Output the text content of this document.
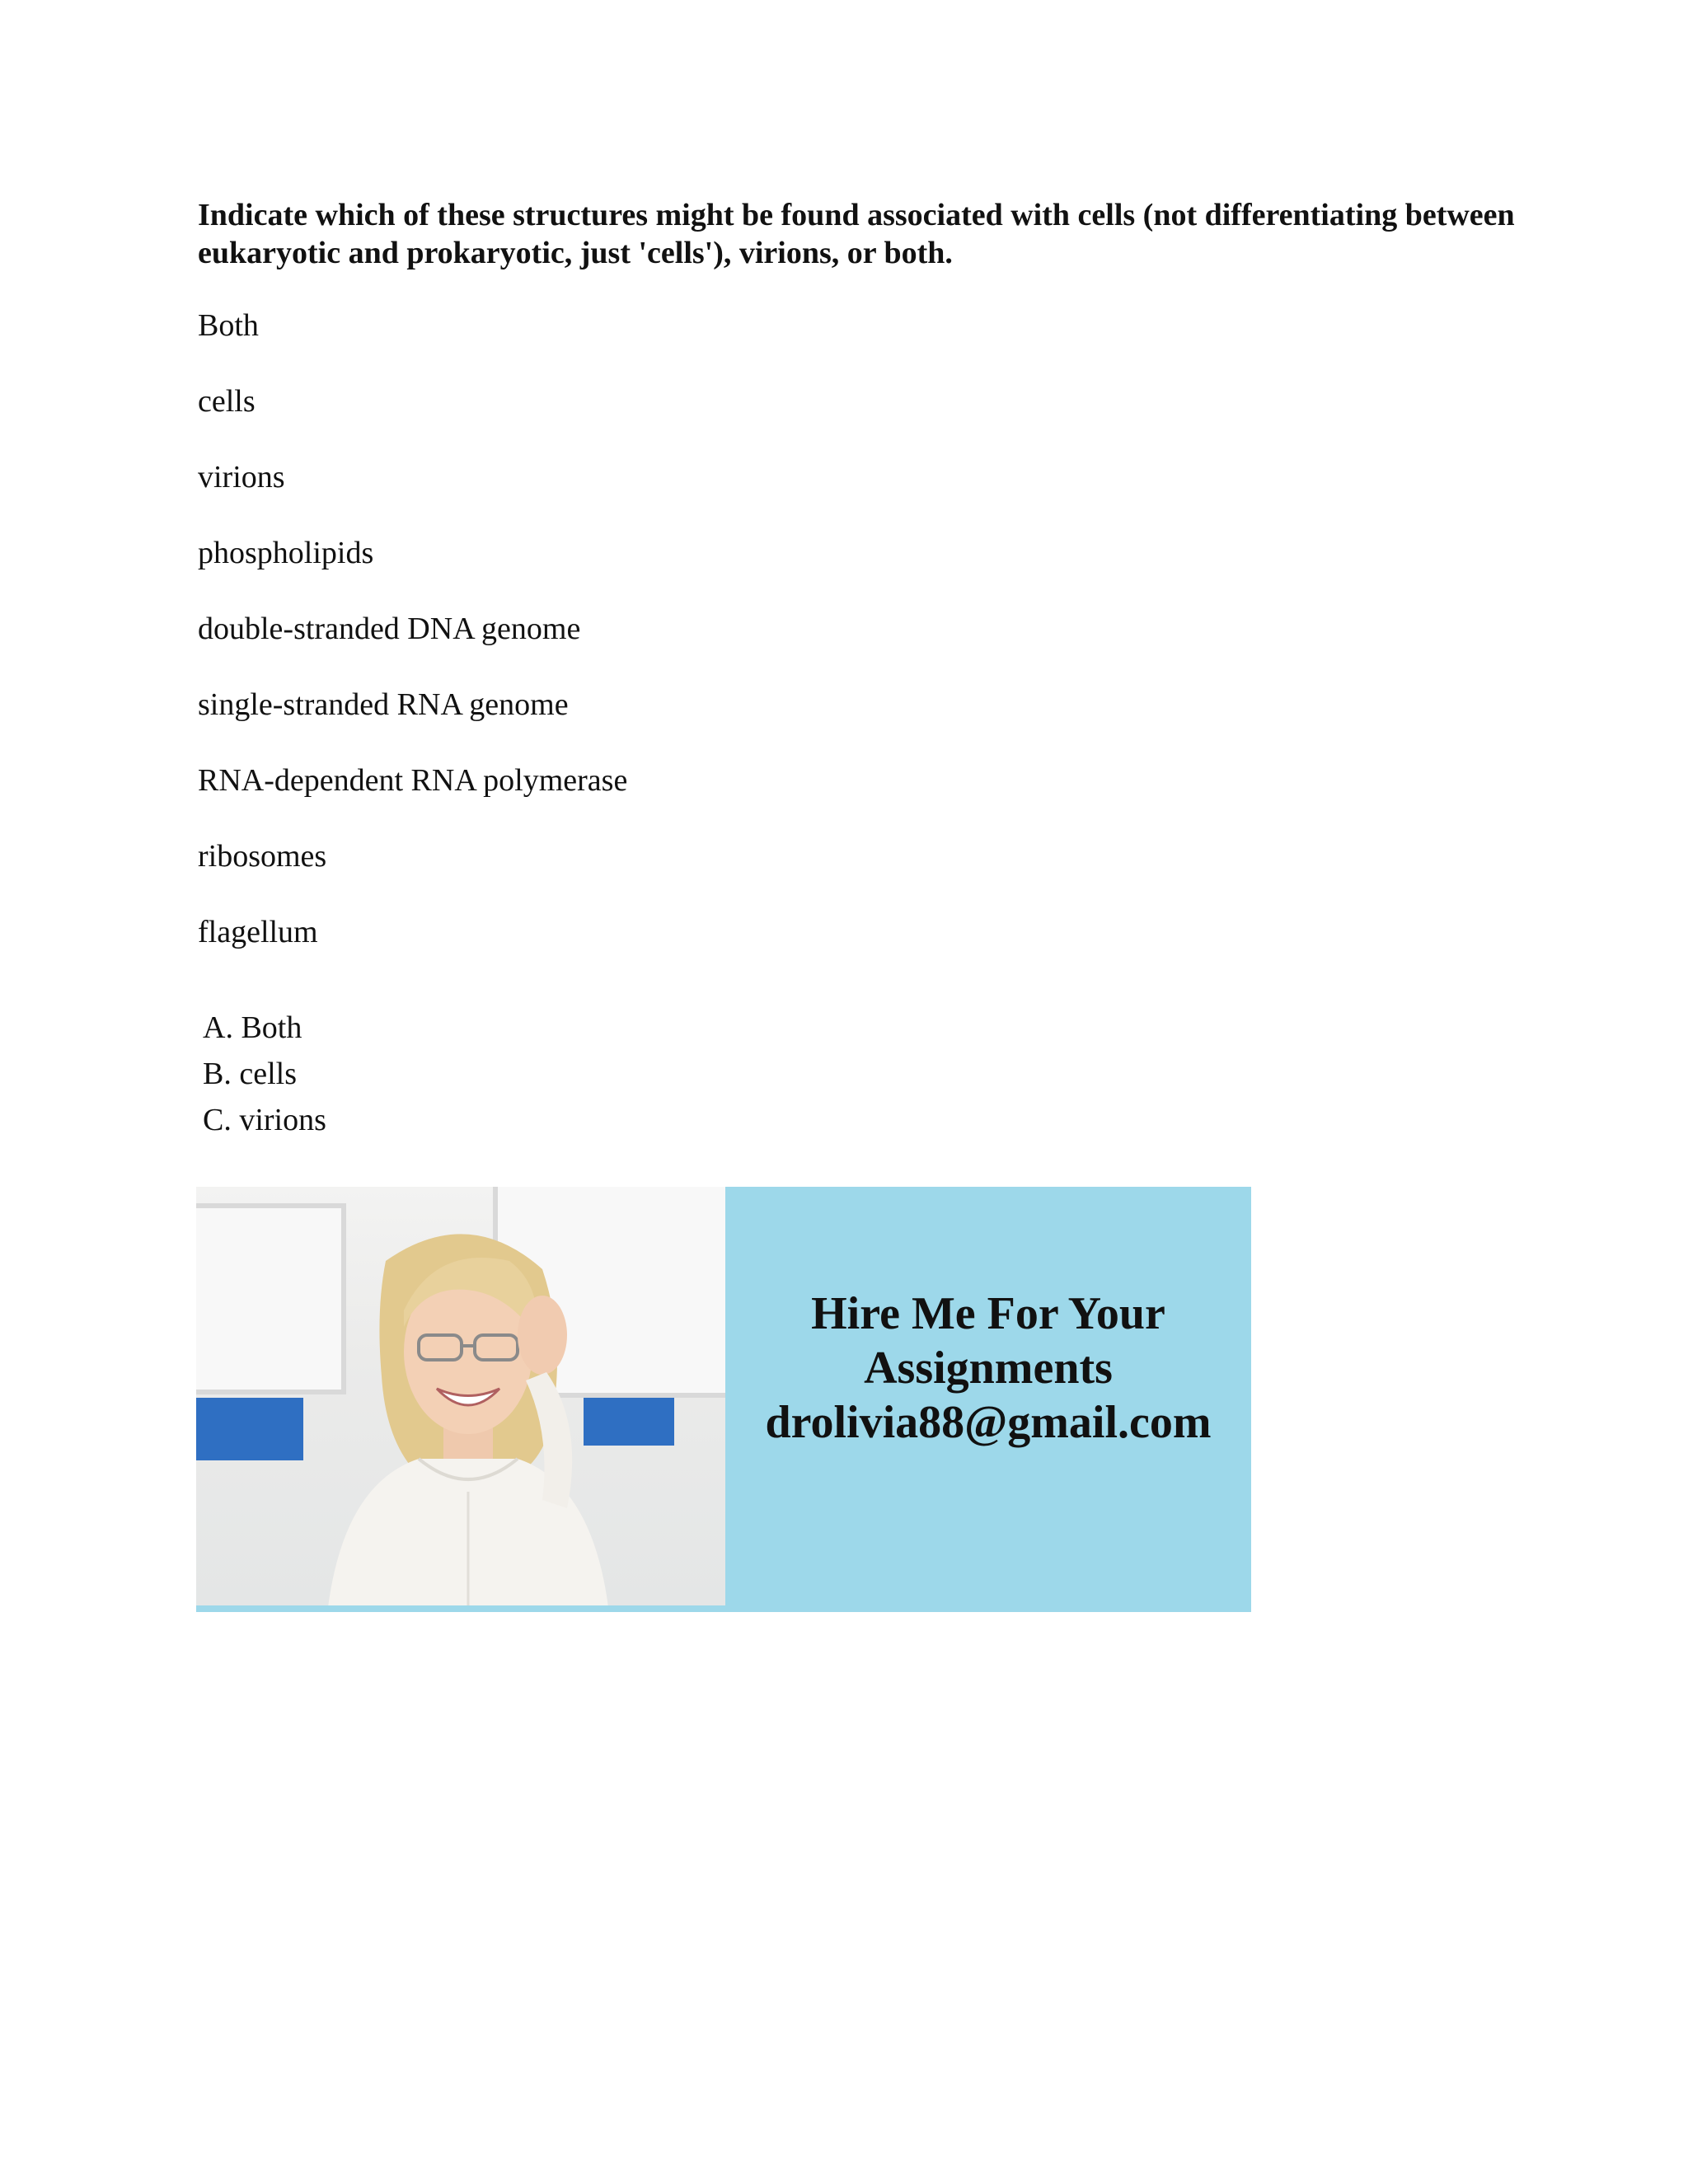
Indicate which of these structures might be found associated with cells (not differentiating between eukaryotic and prokaryotic, just 'cells'), virions, or both.

Both
cells
virions
phospholipids
double-stranded DNA genome
single-stranded RNA genome
RNA-dependent RNA polymerase
ribosomes
flagellum
A. Both
B. cells
C. virions
Hire Me For Your
Assignments
drolivia88@gmail.com
